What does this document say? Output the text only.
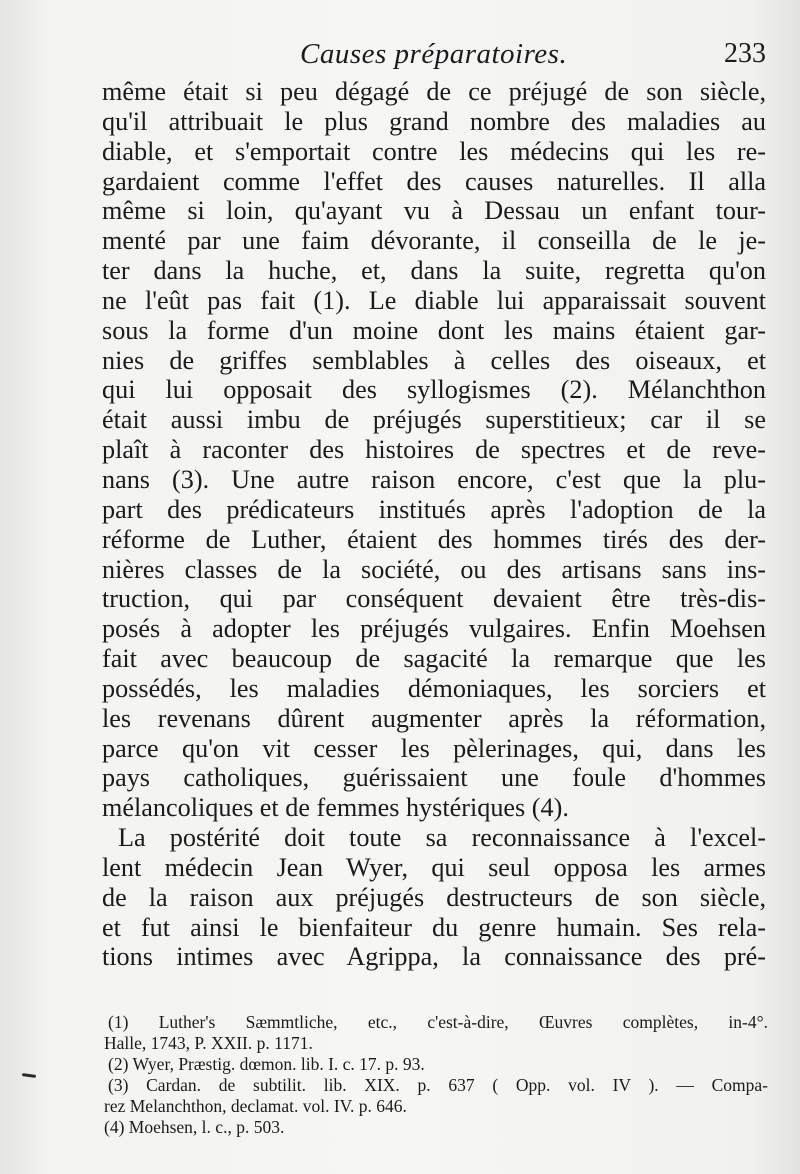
Causes préparatoires.	233
même était si peu dégagé de ce préjugé de son siècle,
qu'il attribuait le plus grand nombre des maladies au
diable, et s'emportait contre les médecins qui les re-
gardaient comme l'effet des causes naturelles. Il alla
même si loin, qu'ayant vu à Dessau un enfant tour-
menté par une faim dévorante, il conseilla de le je-
ter dans la huche, et, dans la suite, regretta qu'on
ne l'eût pas fait (1). Le diable lui apparaissait souvent
sous la forme d'un moine dont les mains étaient gar-
nies de griffes semblables à celles des oiseaux, et
qui lui opposait des syllogismes (2). Mélanchthon
était aussi imbu de préjugés superstitieux; car il se
plaît à raconter des histoires de spectres et de reve-
nans (3). Une autre raison encore, c'est que la plu-
part des prédicateurs institués après l'adoption de la
réforme de Luther, étaient des hommes tirés des der-
nières classes de la société, ou des artisans sans ins-
truction, qui par conséquent devaient être très-dis-
posés à adopter les préjugés vulgaires. Enfin Moehsen
fait avec beaucoup de sagacité la remarque que les
possédés, les maladies démoniaques, les sorciers et
les revenans dûrent augmenter après la réformation,
parce qu'on vit cesser les pèlerinages, qui, dans les
pays catholiques, guérissaient une foule d'hommes
mélancoliques et de femmes hystériques (4).
La postérité doit toute sa reconnaissance à l'excel-
lent médecin Jean Wyer, qui seul opposa les armes
de la raison aux préjugés destructeurs de son siècle,
et fut ainsi le bienfaiteur du genre humain. Ses rela-
tions intimes avec Agrippa, la connaissance des pré-
(1) Luther's Sæmmtliche, etc., c'est-à-dire, Œuvres complètes, in-4°.
Halle, 1743, P. XXII. p. 1171.
(2) Wyer, Præstig. dœmon. lib. I. c. 17. p. 93.
(3) Cardan. de subtilit. lib. XIX. p. 637 ( Opp. vol. IV ). — Compa-
rez Melanchthon, declamat. vol. IV. p. 646.
(4) Moehsen, l. c., p. 503.
